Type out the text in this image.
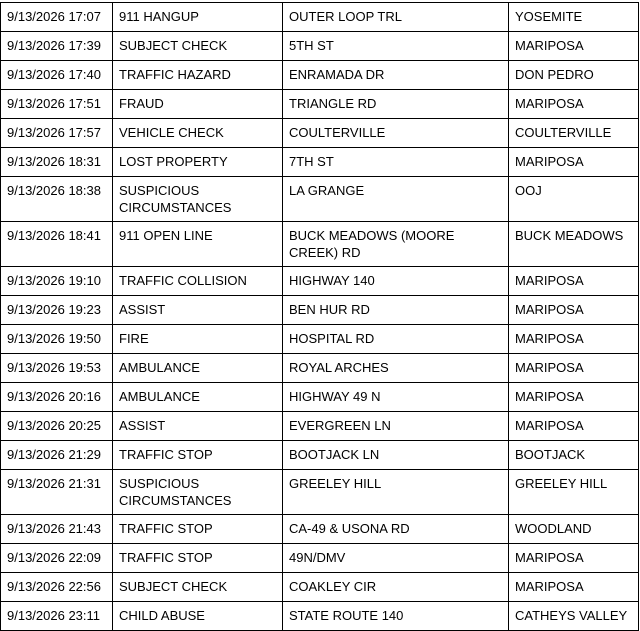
9/13/2026 17:07	911 HANGUP	OUTER LOOP TRL	YOSEMITE
9/13/2026 17:39	SUBJECT CHECK	5TH ST	MARIPOSA
9/13/2026 17:40	TRAFFIC HAZARD	ENRAMADA DR	DON PEDRO
9/13/2026 17:51	FRAUD	TRIANGLE RD	MARIPOSA
9/13/2026 17:57	VEHICLE CHECK	COULTERVILLE	COULTERVILLE
9/13/2026 18:31	LOST PROPERTY	7TH ST	MARIPOSA
9/13/2026 18:38	SUSPICIOUS CIRCUMSTANCES	LA GRANGE	OOJ
9/13/2026 18:41	911 OPEN LINE	BUCK MEADOWS (MOORE CREEK) RD	BUCK MEADOWS
9/13/2026 19:10	TRAFFIC COLLISION	HIGHWAY 140	MARIPOSA
9/13/2026 19:23	ASSIST	BEN HUR RD	MARIPOSA
9/13/2026 19:50	FIRE	HOSPITAL RD	MARIPOSA
9/13/2026 19:53	AMBULANCE	ROYAL ARCHES	MARIPOSA
9/13/2026 20:16	AMBULANCE	HIGHWAY 49 N	MARIPOSA
9/13/2026 20:25	ASSIST	EVERGREEN LN	MARIPOSA
9/13/2026 21:29	TRAFFIC STOP	BOOTJACK LN	BOOTJACK
9/13/2026 21:31	SUSPICIOUS CIRCUMSTANCES	GREELEY HILL	GREELEY HILL
9/13/2026 21:43	TRAFFIC STOP	CA-49 & USONA RD	WOODLAND
9/13/2026 22:09	TRAFFIC STOP	49N/DMV	MARIPOSA
9/13/2026 22:56	SUBJECT CHECK	COAKLEY CIR	MARIPOSA
9/13/2026 23:11	CHILD ABUSE	STATE ROUTE 140	CATHEYS VALLEY
